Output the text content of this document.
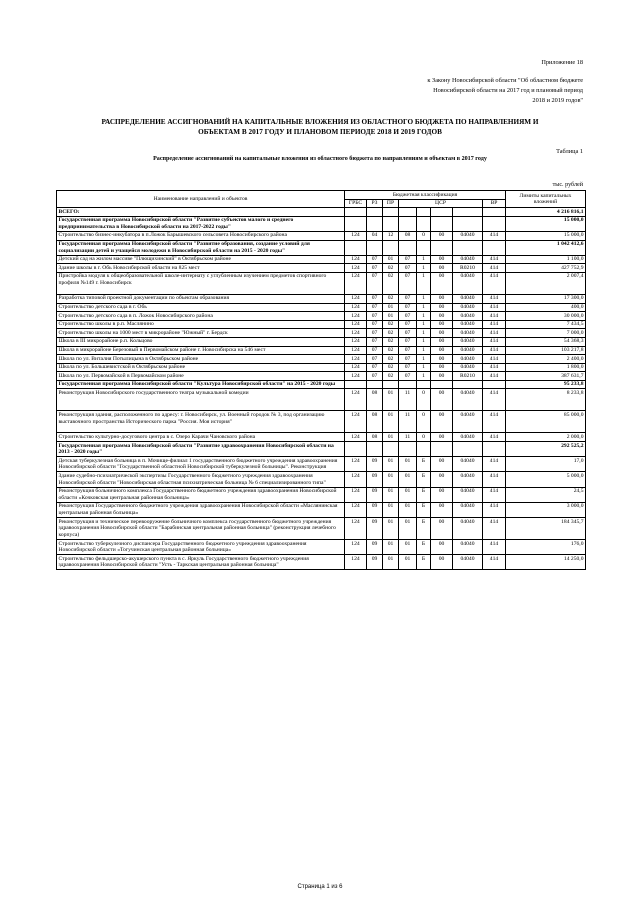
Приложение 18
к Закону Новосибирской области "Об областном бюджете
Новосибирской области на 2017 год и плановый период
2018 и 2019 годов"
РАСПРЕДЕЛЕНИЕ АССИГНОВАНИЙ НА КАПИТАЛЬНЫЕ ВЛОЖЕНИЯ ИЗ ОБЛАСТНОГО БЮДЖЕТА ПО НАПРАВЛЕНИЯМ И
ОБЪЕКТАМ В 2017 ГОДУ И ПЛАНОВОМ ПЕРИОДЕ 2018 И 2019 ГОДОВ
Таблица 1
Распределение ассигнований на капитальные вложения из областного бюджета по направлениям и объектам в 2017 году
тыс. рублей
Наименование направлений и объектов	Бюджетная классификация								Лимиты капитальных вложений
	ГРБС	РЗ	ПР	ЦСР				ВР	
ВСЕГО:									4 216 816,1
Государственная программа Новосибирской области "Развитие субъектов малого и среднего предпринимательства в Новосибирской области на 2017-2022 годы"									15 000,0
Строительство бизнес-инкубатора в п.Ложок Барышевского сельсовета Новосибирского района	124	04	12	08	0	00	04040	414	15 000,0
Государственная программа Новосибирской области "Развитие образования, создание условий для социализации детей и учащейся молодежи в Новосибирской области на 2015 - 2020 годы"									1 042 412,6
Детский сад на жилом массиве "Плющихинский" в Октябрьском районе	124	07	01	07	1	00	04040	414	1 100,0
Здание школы в г. Обь Новосибирской области на 825 мест	124	07	02	07	1	00	R0210	414	427 752,9
Пристройка модуля к общеобразовательной школе-интернату с углубленным изучением предметов спортивного профиля №149 г. Новосибирск	124	07	02	07	1	00	04040	414	2 007,4
Разработка типовой проектной документации по объектам образования	124	07	02	07	1	00	04040	414	17 300,0
Строительство детского сада в г. Обь	124	07	01	07	1	00	04040	414	400,0
Строительство детского сада в п. Ложок Новосибирского района	124	07	01	07	1	00	04040	414	30 000,0
Строительство школы в р.п. Маслянино	124	07	02	07	1	00	04040	414	7 434,5
Строительство школы на 1000 мест в микрорайоне "Южный" г. Бердск	124	07	02	07	1	00	04040	414	7 000,0
Школа в III микрорайоне р.п. Кольцово	124	07	02	07	1	00	04040	414	54 368,3
Школа в микрорайоне Березовый в Первомайском районе г. Новосибирска на 546 мест	124	07	02	07	1	00	04040	414	103 217,8
Школа по ул. Виталия Потылицына в Октябрьском районе	124	07	02	07	1	00	04040	414	2 400,0
Школа по ул. Большевистской в Октябрьском районе	124	07	02	07	1	00	04040	414	1 800,0
Школа по ул. Первомайской в Первомайском районе	124	07	02	07	1	00	R0210	414	387 631,7
Государственная программа Новосибирской области "Культура Новосибирской области" на 2015 - 2020 годы									95 233,8
Реконструкция Новосибирского государственного театра музыкальной комедии	124	08	01	11	0	00	04040	414	8 233,8
Реконструкция здания, расположенного по адресу: г. Новосибирск, ул. Военный городок № 3, под организацию выставочного пространства Исторического парка "Россия. Моя история"	124	08	01	11	0	00	04040	414	85 000,0
Строительство культурно-досугового центра в с. Озеро Карачи Чановского района	124	08	01	11	0	00	04040	414	2 000,0
Государственная программа Новосибирской области "Развитие здравоохранения Новосибирской области на 2013 - 2020 годы"									292 525,2
Детская туберкулезная больница в п. Мочище-филиал 1 государственного бюджетного учреждения здравоохранения Новосибирской области "Государственной областной Новосибирской туберкулезной больницы". Реконструкция	124	09	01	01	Б	00	04040	414	17,0
Здание судебно-психиатрической экспертизы Государственного бюджетного учреждения здравоохранения Новосибирской области "Новосибирская областная психиатрическая больница № 6 специализированного типа"	124	09	01	01	Б	00	04040	414	5 000,0
Реконструкция больничного комплекса Государственного бюджетного учреждения здравоохранения Новосибирской области «Кочковская центральная районная больница»	124	09	01	01	Б	00	04040	414	24,5
Реконструкция Государственного бюджетного учреждения здравоохранения Новосибирской области «Маслянинская центральная районная больница»	124	09	01	01	Б	00	04040	414	3 000,0
Реконструкция и техническое перевооружение больничного комплекса государственного бюджетного учреждения здравоохранения Новосибирской области "Барабинская центральная районная больница" (реконструкция лечебного корпуса)	124	09	01	01	Б	00	04040	414	184 345,7
Строительство туберкулезного диспансера Государственного бюджетного учреждения здравоохранения Новосибирской области «Тогучинская центральная районная больница»	124	09	01	01	Б	00	04040	414	176,0
Строительство фельдшерско-акушерского пункта в с. Яркуль Государственного бюджетного учреждения здравоохранения Новосибирской области "Усть - Таркская центральная районная больница"	124	09	01	01	Б	00	04040	414	14 250,0
Страница 1 из 6
